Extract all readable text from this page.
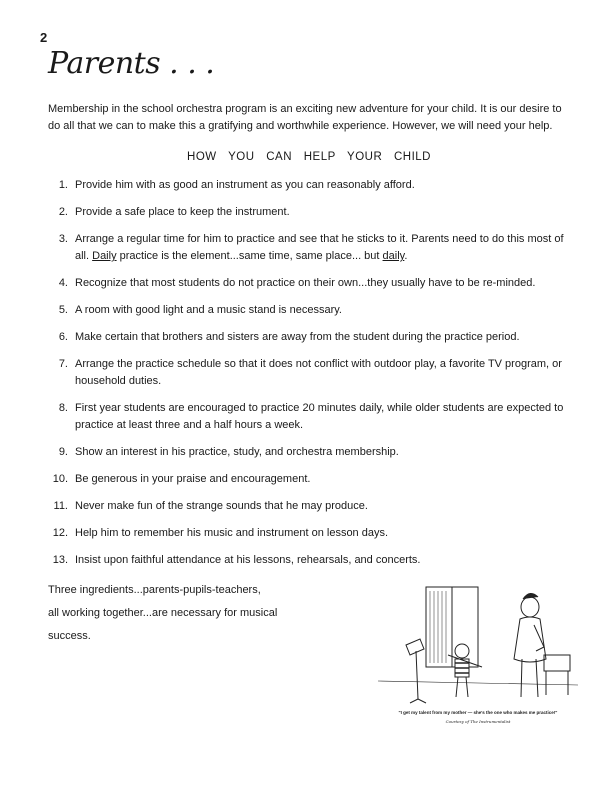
2
Parents . . .
Membership in the school orchestra program is an exciting new adventure for your child. It is our desire to do all that we can to make this a gratifying and worthwhile experience. However, we will need your help.
HOW YOU CAN HELP YOUR CHILD
1. Provide him with as good an instrument as you can reasonably afford.
2. Provide a safe place to keep the instrument.
3. Arrange a regular time for him to practice and see that he sticks to it. Parents need to do this most of all. Daily practice is the element...same time, same place... but daily.
4. Recognize that most students do not practice on their own...they usually have to be re-minded.
5. A room with good light and a music stand is necessary.
6. Make certain that brothers and sisters are away from the student during the practice period.
7. Arrange the practice schedule so that it does not conflict with outdoor play, a favorite TV program, or household duties.
8. First year students are encouraged to practice 20 minutes daily, while older students are expected to practice at least three and a half hours a week.
9. Show an interest in his practice, study, and orchestra membership.
10. Be generous in your praise and encouragement.
11. Never make fun of the strange sounds that he may produce.
12. Help him to remember his music and instrument on lesson days.
13. Insist upon faithful attendance at his lessons, rehearsals, and concerts.
Three ingredients...parents-pupils-teachers,
all working together...are necessary for musical
success.
"I get my talent from my mother — she's the one who makes me practice!"
Courtesy of The Instrumentalist
